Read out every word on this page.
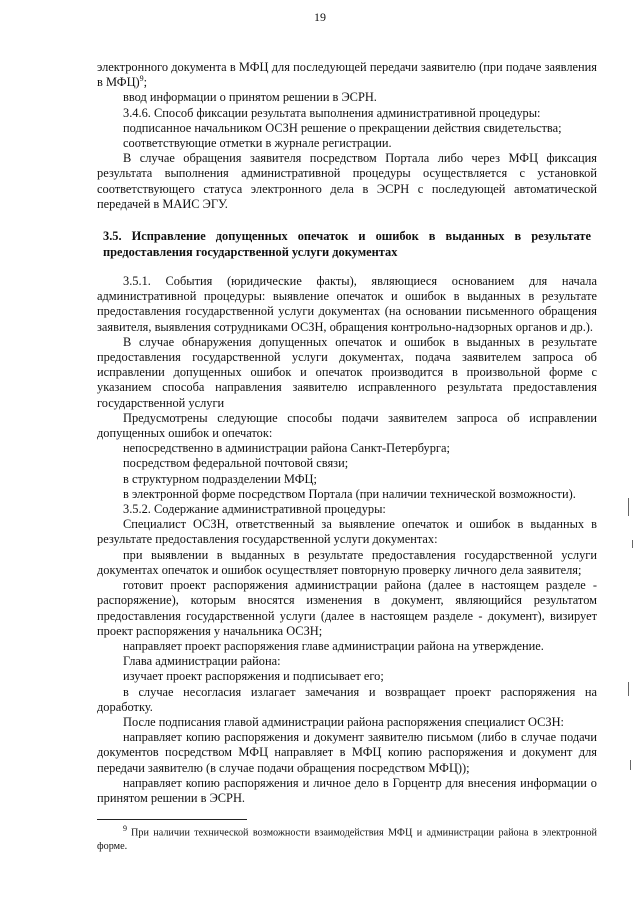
19

электронного документа в МФЦ для последующей передачи заявителю (при подаче заявления в МФЦ)$^9$;

ввод информации о принятом решении в ЭСРН.

3.4.6. Способ фиксации результата выполнения административной процедуры:

подписанное начальником ОСЗН решение о прекращении действия свидетельства;

соответствующие отметки в журнале регистрации.

В случае обращения заявителя посредством Портала либо через МФЦ фиксация результата выполнения административной процедуры осуществляется с установкой соответствующего статуса электронного дела в ЭСРН с последующей автоматической передачей в МАИС ЭГУ.

3.5. Исправление допущенных опечаток и ошибок в выданных в результате предоставления государственной услуги документах

3.5.1. События (юридические факты), являющиеся основанием для начала административной процедуры: выявление опечаток и ошибок в выданных в результате предоставления государственной услуги документах (на основании письменного обращения заявителя, выявления сотрудниками ОСЗН, обращения контрольно-надзорных органов и др.).

В случае обнаружения допущенных опечаток и ошибок в выданных в результате предоставления государственной услуги документах, подача заявителем запроса об исправлении допущенных ошибок и опечаток производится в произвольной форме с указанием способа направления заявителю исправленного результата предоставления государственной услуги

Предусмотрены следующие способы подачи заявителем запроса об исправлении допущенных ошибок и опечаток:

непосредственно в администрации района Санкт-Петербурга;

посредством федеральной почтовой связи;

в структурном подразделении МФЦ;

в электронной форме посредством Портала (при наличии технической возможности).

3.5.2. Содержание административной процедуры:

Специалист ОСЗН, ответственный за выявление опечаток и ошибок в выданных в результате предоставления государственной услуги документах:

при выявлении в выданных в результате предоставления государственной услуги документах опечаток и ошибок осуществляет повторную проверку личного дела заявителя;

готовит проект распоряжения администрации района (далее в настоящем разделе - распоряжение), которым вносятся изменения в документ, являющийся результатом предоставления государственной услуги (далее в настоящем разделе - документ), визирует проект распоряжения у начальника ОСЗН;

направляет проект распоряжения главе администрации района на утверждение.

Глава администрации района:

изучает проект распоряжения и подписывает его;

в случае несогласия излагает замечания и возвращает проект распоряжения на доработку.

После подписания главой администрации района распоряжения специалист ОСЗН:

направляет копию распоряжения и документ заявителю письмом (либо в случае подачи документов посредством МФЦ направляет в МФЦ копию распоряжения и документ для передачи заявителю (в случае подачи обращения посредством МФЦ));

направляет копию распоряжения и личное дело в Горцентр для внесения информации о принятом решении в ЭСРН.

$^9$ При наличии технической возможности взаимодействия МФЦ и администрации района в электронной форме.
